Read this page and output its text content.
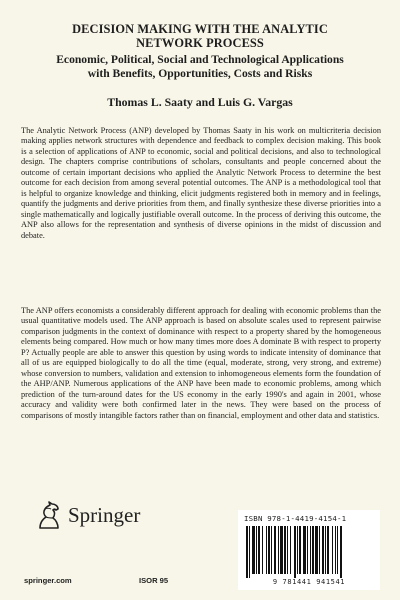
DECISION MAKING WITH THE ANALYTIC
NETWORK PROCESS
Economic, Political, Social and Technological Applications
with Benefits, Opportunities, Costs and Risks
Thomas L. Saaty and Luis G. Vargas

The Analytic Network Process (ANP) developed by Thomas Saaty in his work on multicriteria decision making applies network structures with dependence and feedback to complex decision making. This book is a selection of applications of ANP to economic, social and political decisions, and also to technological design. The chapters comprise contributions of scholars, consultants and people concerned about the outcome of certain important decisions who applied the Analytic Network Process to determine the best outcome for each decision from among several potential outcomes. The ANP is a methodological tool that is helpful to organize knowledge and thinking, elicit judgments registered both in memory and in feelings, quantify the judgments and derive priorities from them, and finally synthesize these diverse priorities into a single mathematically and logically justifiable overall outcome. In the process of deriving this outcome, the ANP also allows for the representation and synthesis of diverse opinions in the midst of discussion and debate.

The ANP offers economists a considerably different approach for dealing with economic problems than the usual quantitative models used. The ANP approach is based on absolute scales used to represent pairwise comparison judgments in the context of dominance with respect to a property shared by the homogeneous elements being compared. How much or how many times more does A dominate B with respect to property P? Actually people are able to answer this question by using words to indicate intensity of dominance that all of us are equipped biologically to do all the time (equal, moderate, strong, very strong, and extreme) whose conversion to numbers, validation and extension to inhomogeneous elements form the foundation of the AHP/ANP. Numerous applications of the ANP have been made to economic problems, among which prediction of the turn-around dates for the US economy in the early 1990's and again in 2001, whose accuracy and validity were both confirmed later in the news. They were based on the process of comparisons of mostly intangible factors rather than on financial, employment and other data and statistics.

Springer
springer.com	ISOR 95
ISBN 978-1-4419-4154-1
9 781441 941541
